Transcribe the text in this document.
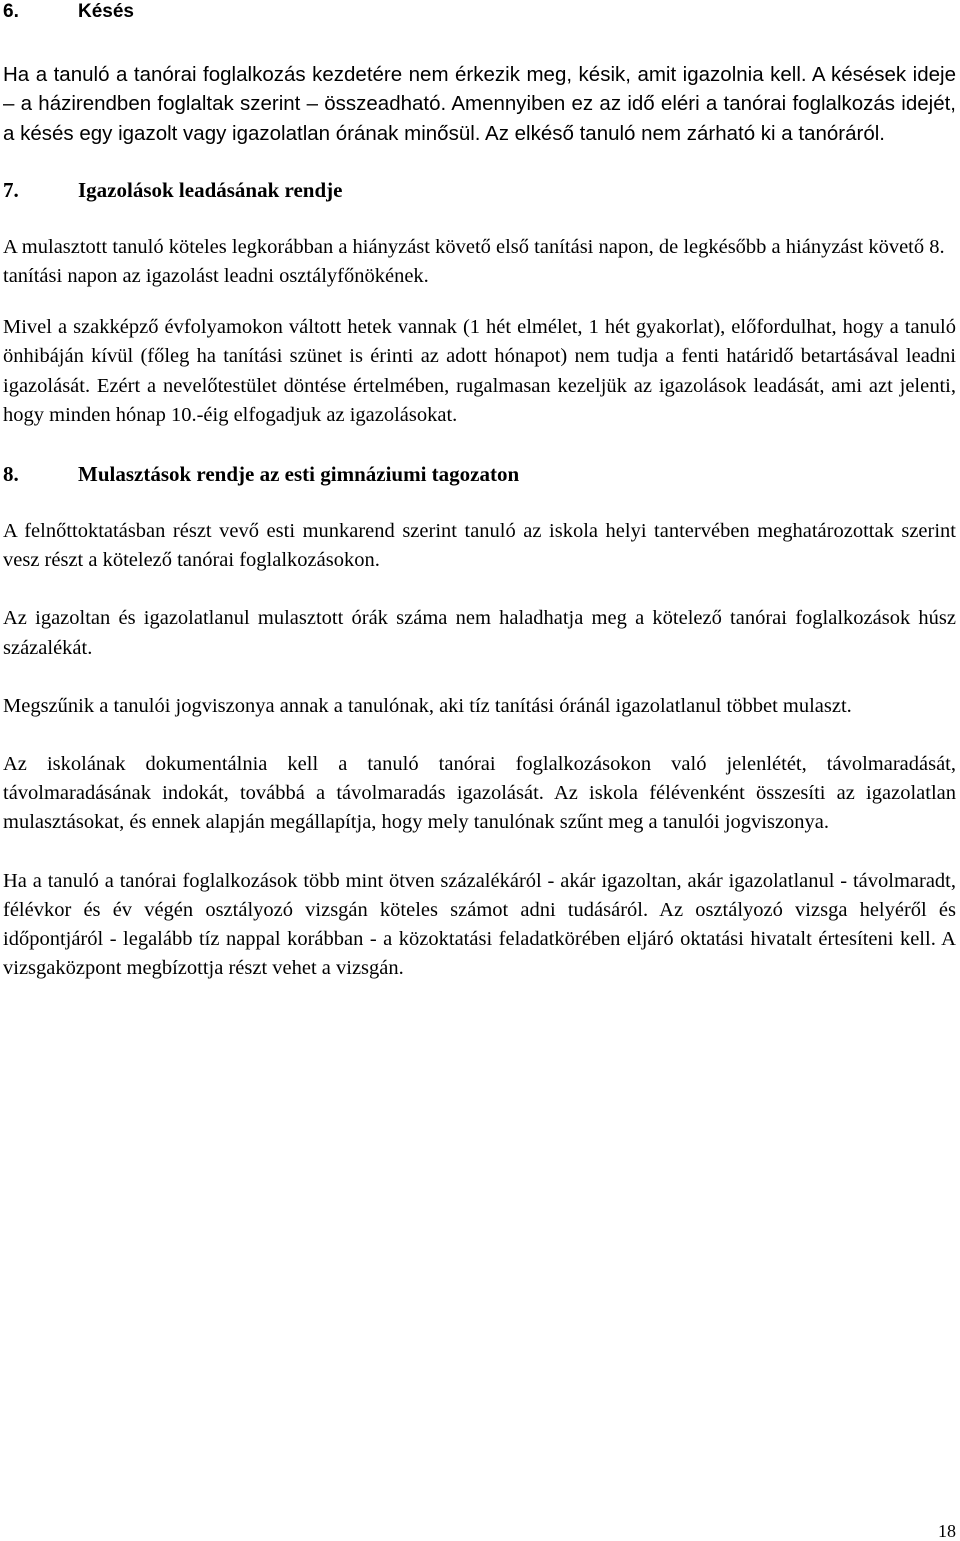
6.	Késés

Ha a tanuló a tanórai foglalkozás kezdetére nem érkezik meg, késik, amit igazolnia kell. A késések ideje – a házirendben foglaltak szerint – összeadható. Amennyiben ez az idő eléri a tanórai foglalkozás idejét, a késés egy igazolt vagy igazolatlan órának minősül. Az elkéső tanuló nem zárható ki a tanóráról.

7.	Igazolások leadásának rendje

A mulasztott tanuló köteles legkorábban a hiányzást követő első tanítási napon, de legkésőbb a hiányzást követő 8. tanítási napon az igazolást leadni osztályfőnökének.

Mivel a szakképző évfolyamokon váltott hetek vannak (1 hét elmélet, 1 hét gyakorlat), előfordulhat, hogy a tanuló önhibáján kívül (főleg ha tanítási szünet is érinti az adott hónapot) nem tudja a fenti határidő betartásával leadni igazolását. Ezért a nevelőtestület döntése értelmében, rugalmasan kezeljük az igazolások leadását, ami azt jelenti, hogy minden hónap 10.-éig elfogadjuk az igazolásokat.

8.	Mulasztások rendje az esti gimnáziumi tagozaton

A felnőttoktatásban részt vevő esti munkarend szerint tanuló az iskola helyi tantervében meghatározottak szerint vesz részt a kötelező tanórai foglalkozásokon.

Az igazoltan és igazolatlanul mulasztott órák száma nem haladhatja meg a kötelező tanórai foglalkozások húsz százalékát.

Megszűnik a tanulói jogviszonya annak a tanulónak, aki tíz tanítási óránál igazolatlanul többet mulaszt.

Az iskolának dokumentálnia kell a tanuló tanórai foglalkozásokon való jelenlétét, távolmaradását, távolmaradásának indokát, továbbá a távolmaradás igazolását. Az iskola félévenként összesíti az igazolatlan mulasztásokat, és ennek alapján megállapítja, hogy mely tanulónak szűnt meg a tanulói jogviszonya.

Ha a tanuló a tanórai foglalkozások több mint ötven százalékáról - akár igazoltan, akár igazolatlanul - távolmaradt, félévkor és év végén osztályozó vizsgán köteles számot adni tudásáról. Az osztályozó vizsga helyéről és időpontjáról - legalább tíz nappal korábban - a közoktatási feladatkörében eljáró oktatási hivatalt értesíteni kell. A vizsgaközpont megbízottja részt vehet a vizsgán.

18
